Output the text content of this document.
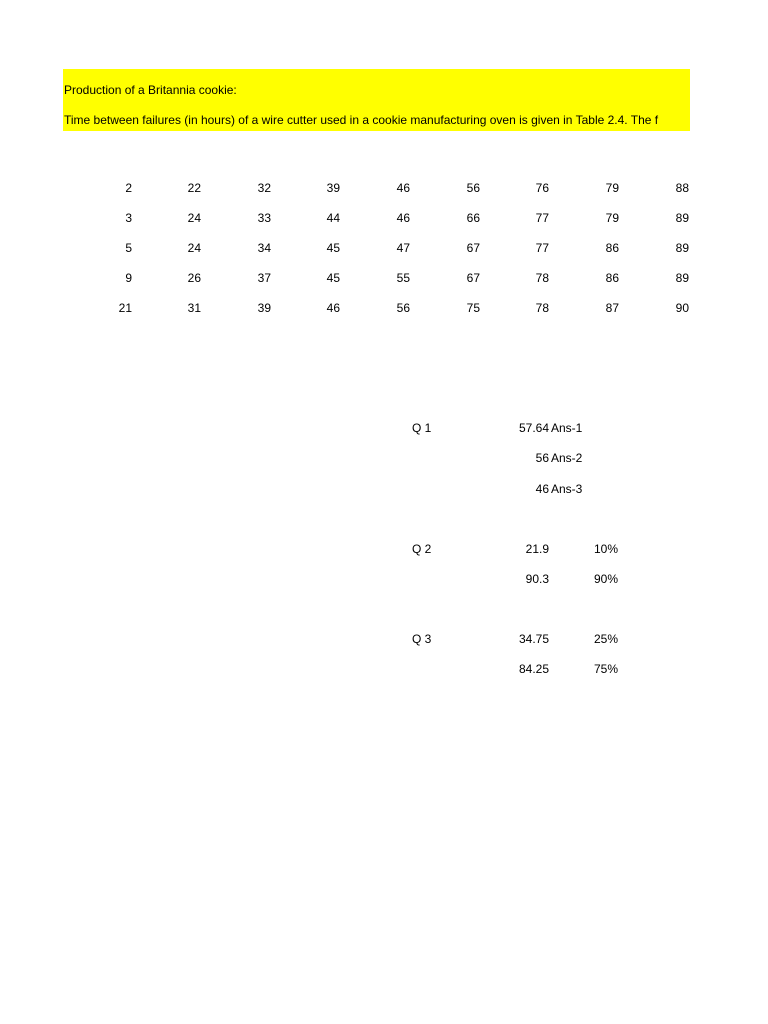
Production of a Britannia cookie:
Time between failures (in hours) of a wire cutter used in a cookie manufacturing oven is given in Table 2.4. The f
2	22	32	39	46	56	76	79	88
3	24	33	44	46	66	77	79	89
5	24	34	45	47	67	77	86	89
9	26	37	45	55	67	78	86	89
21	31	39	46	56	75	78	87	90
Q 1	57.64 Ans-1
56 Ans-2
46 Ans-3
Q 2	21.9	10%
90.3	90%
Q 3	34.75	25%
84.25	75%
